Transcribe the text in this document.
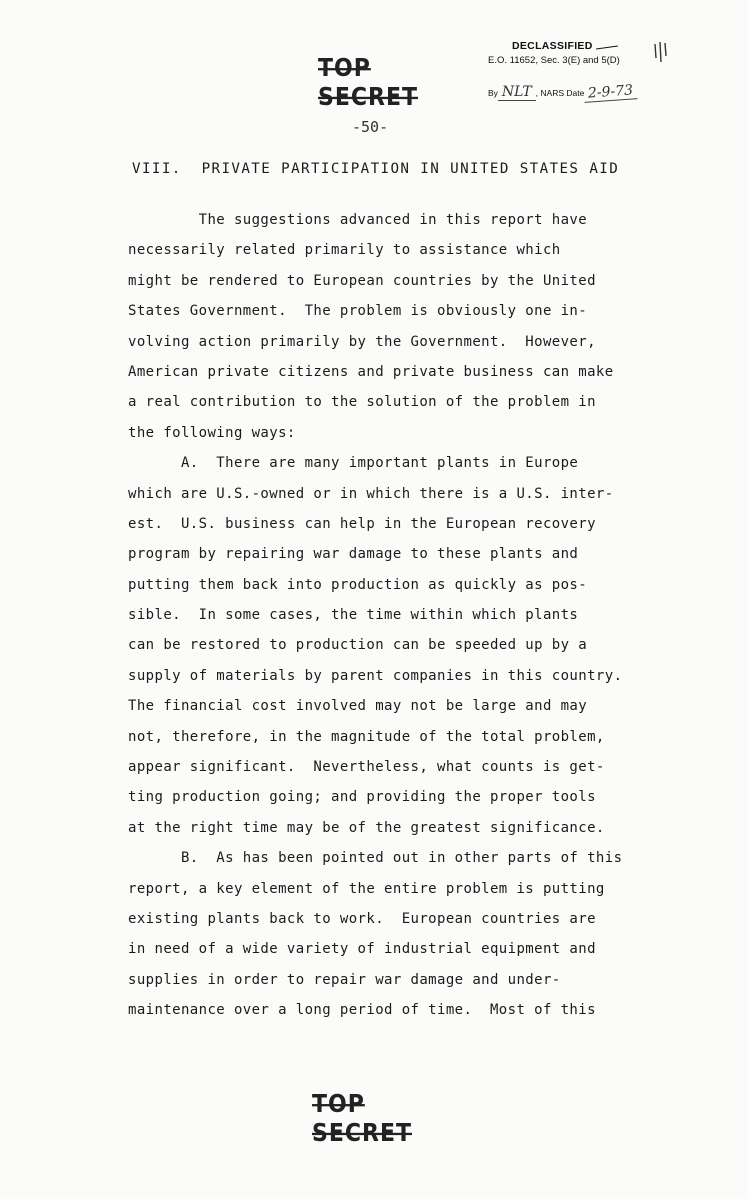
TOP SECRET
DECLASSIFIED
E.O. 11652, Sec. 3(E) and 5(D)
By NLT , NARS Date 2-9-73
-50-
VIII.  PRIVATE PARTICIPATION IN UNITED STATES AID
The suggestions advanced in this report have
necessarily related primarily to assistance which
might be rendered to European countries by the United
States Government.  The problem is obviously one in-
volving action primarily by the Government.  However,
American private citizens and private business can make
a real contribution to the solution of the problem in
the following ways:
A.  There are many important plants in Europe
which are U.S.-owned or in which there is a U.S. inter-
est.  U.S. business can help in the European recovery
program by repairing war damage to these plants and
putting them back into production as quickly as pos-
sible.  In some cases, the time within which plants
can be restored to production can be speeded up by a
supply of materials by parent companies in this country.
The financial cost involved may not be large and may
not, therefore, in the magnitude of the total problem,
appear significant.  Nevertheless, what counts is get-
ting production going; and providing the proper tools
at the right time may be of the greatest significance.
B.  As has been pointed out in other parts of this
report, a key element of the entire problem is putting
existing plants back to work.  European countries are
in need of a wide variety of industrial equipment and
supplies in order to repair war damage and under-
maintenance over a long period of time.  Most of this
TOP SECRET
